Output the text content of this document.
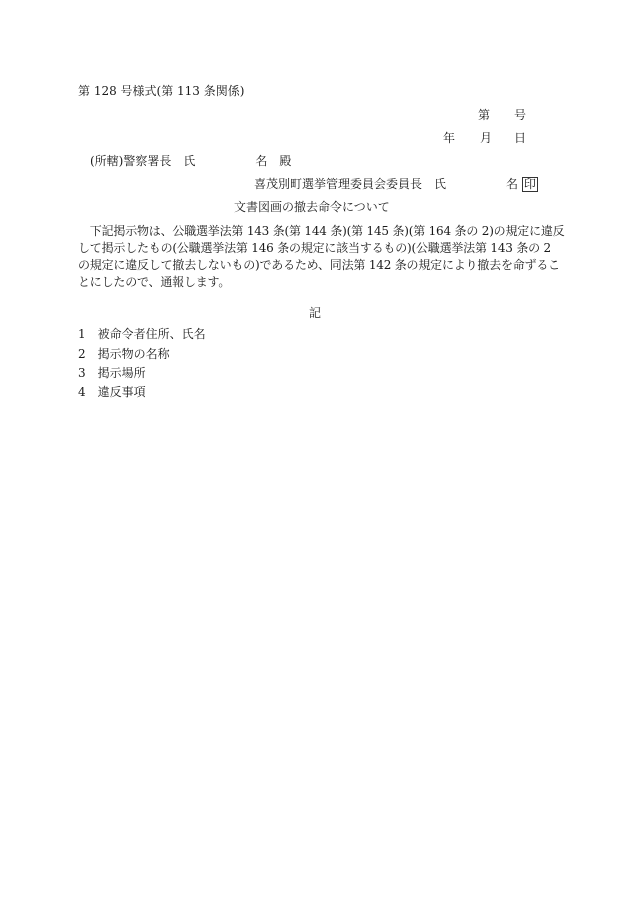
第 128 号様式(第 113 条関係)
第 号
年 月 日
(所轄)警察署長　氏　　　　　名　殿
喜茂別町選挙管理委員会委員長　氏　　　　　名 印
文書図画の撤去命令について
　下記掲示物は、公職選挙法第 143 条(第 144 条)(第 145 条)(第 164 条の 2)の規定に違反
して掲示したもの(公職選挙法第 146 条の規定に該当するもの)(公職選挙法第 143 条の 2
の規定に違反して撤去しないもの)であるため、同法第 142 条の規定により撤去を命ずるこ
とにしたので、通報します。
記
1　 被命令者住所、氏名
2　 掲示物の名称
3　 掲示場所
4　 違反事項
